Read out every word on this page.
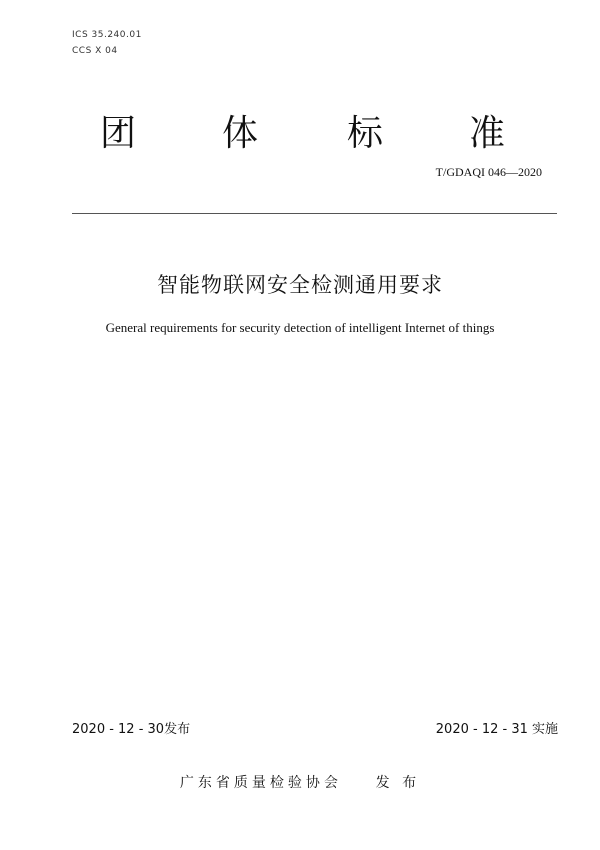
ICS 35.240.01
CCS X 04
团 体 标 准
T/GDAQI 046—2020
智能物联网安全检测通用要求
General requirements for security detection of intelligent Internet of things
2020 - 12 - 30发布	2020 - 12 - 31 实施
广东省质量检验协会    发 布
